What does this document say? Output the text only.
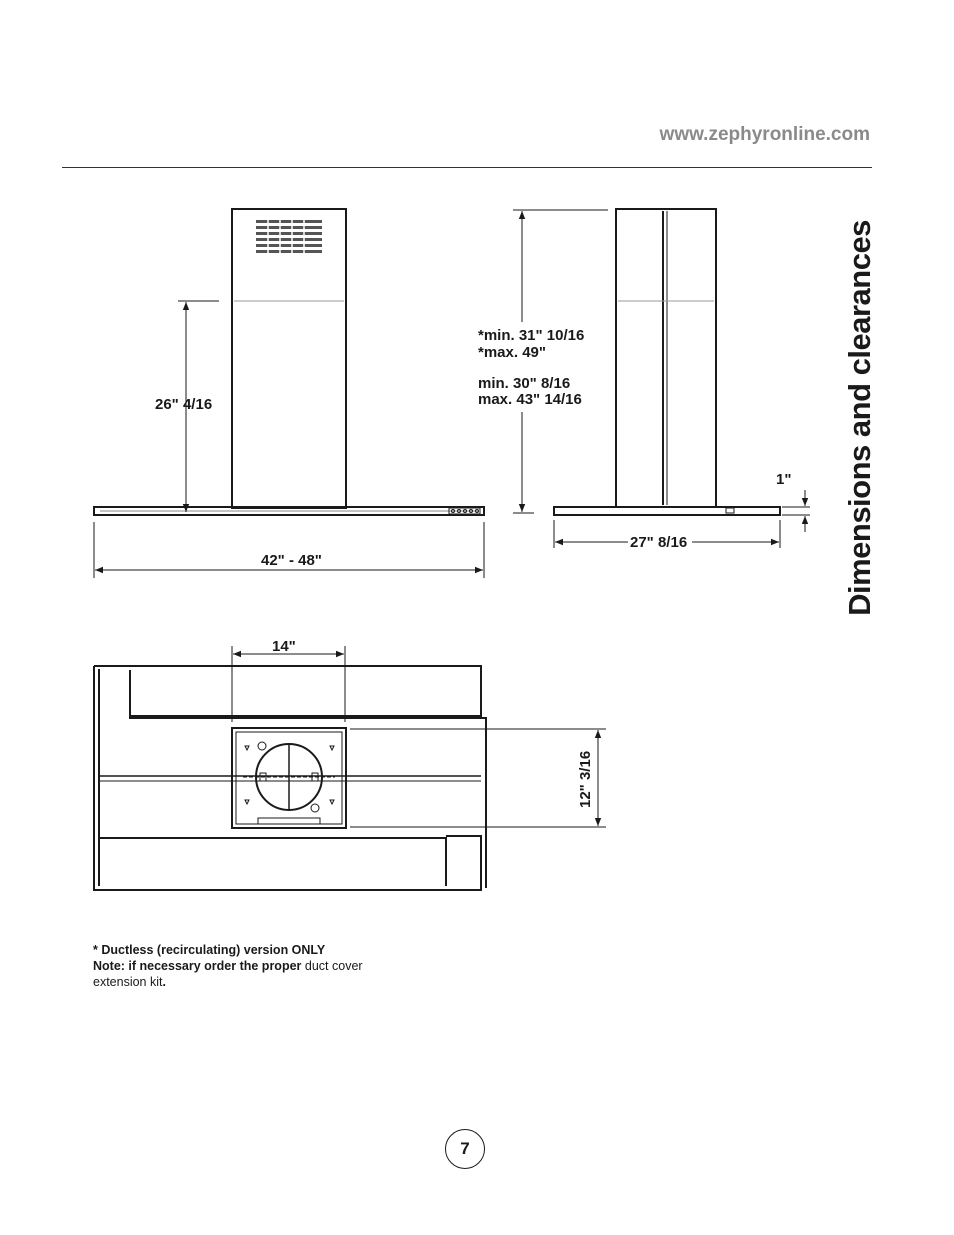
www.zephyronline.com
Dimensions and clearances
26" 4/16
42" - 48"
*min. 31" 10/16
*max. 49"
min. 30" 8/16
max. 43" 14/16
1"
27" 8/16
14"
12" 3/16
* Ductless (recirculating) version ONLY
Note: if necessary order the proper duct cover
extension kit.
7
